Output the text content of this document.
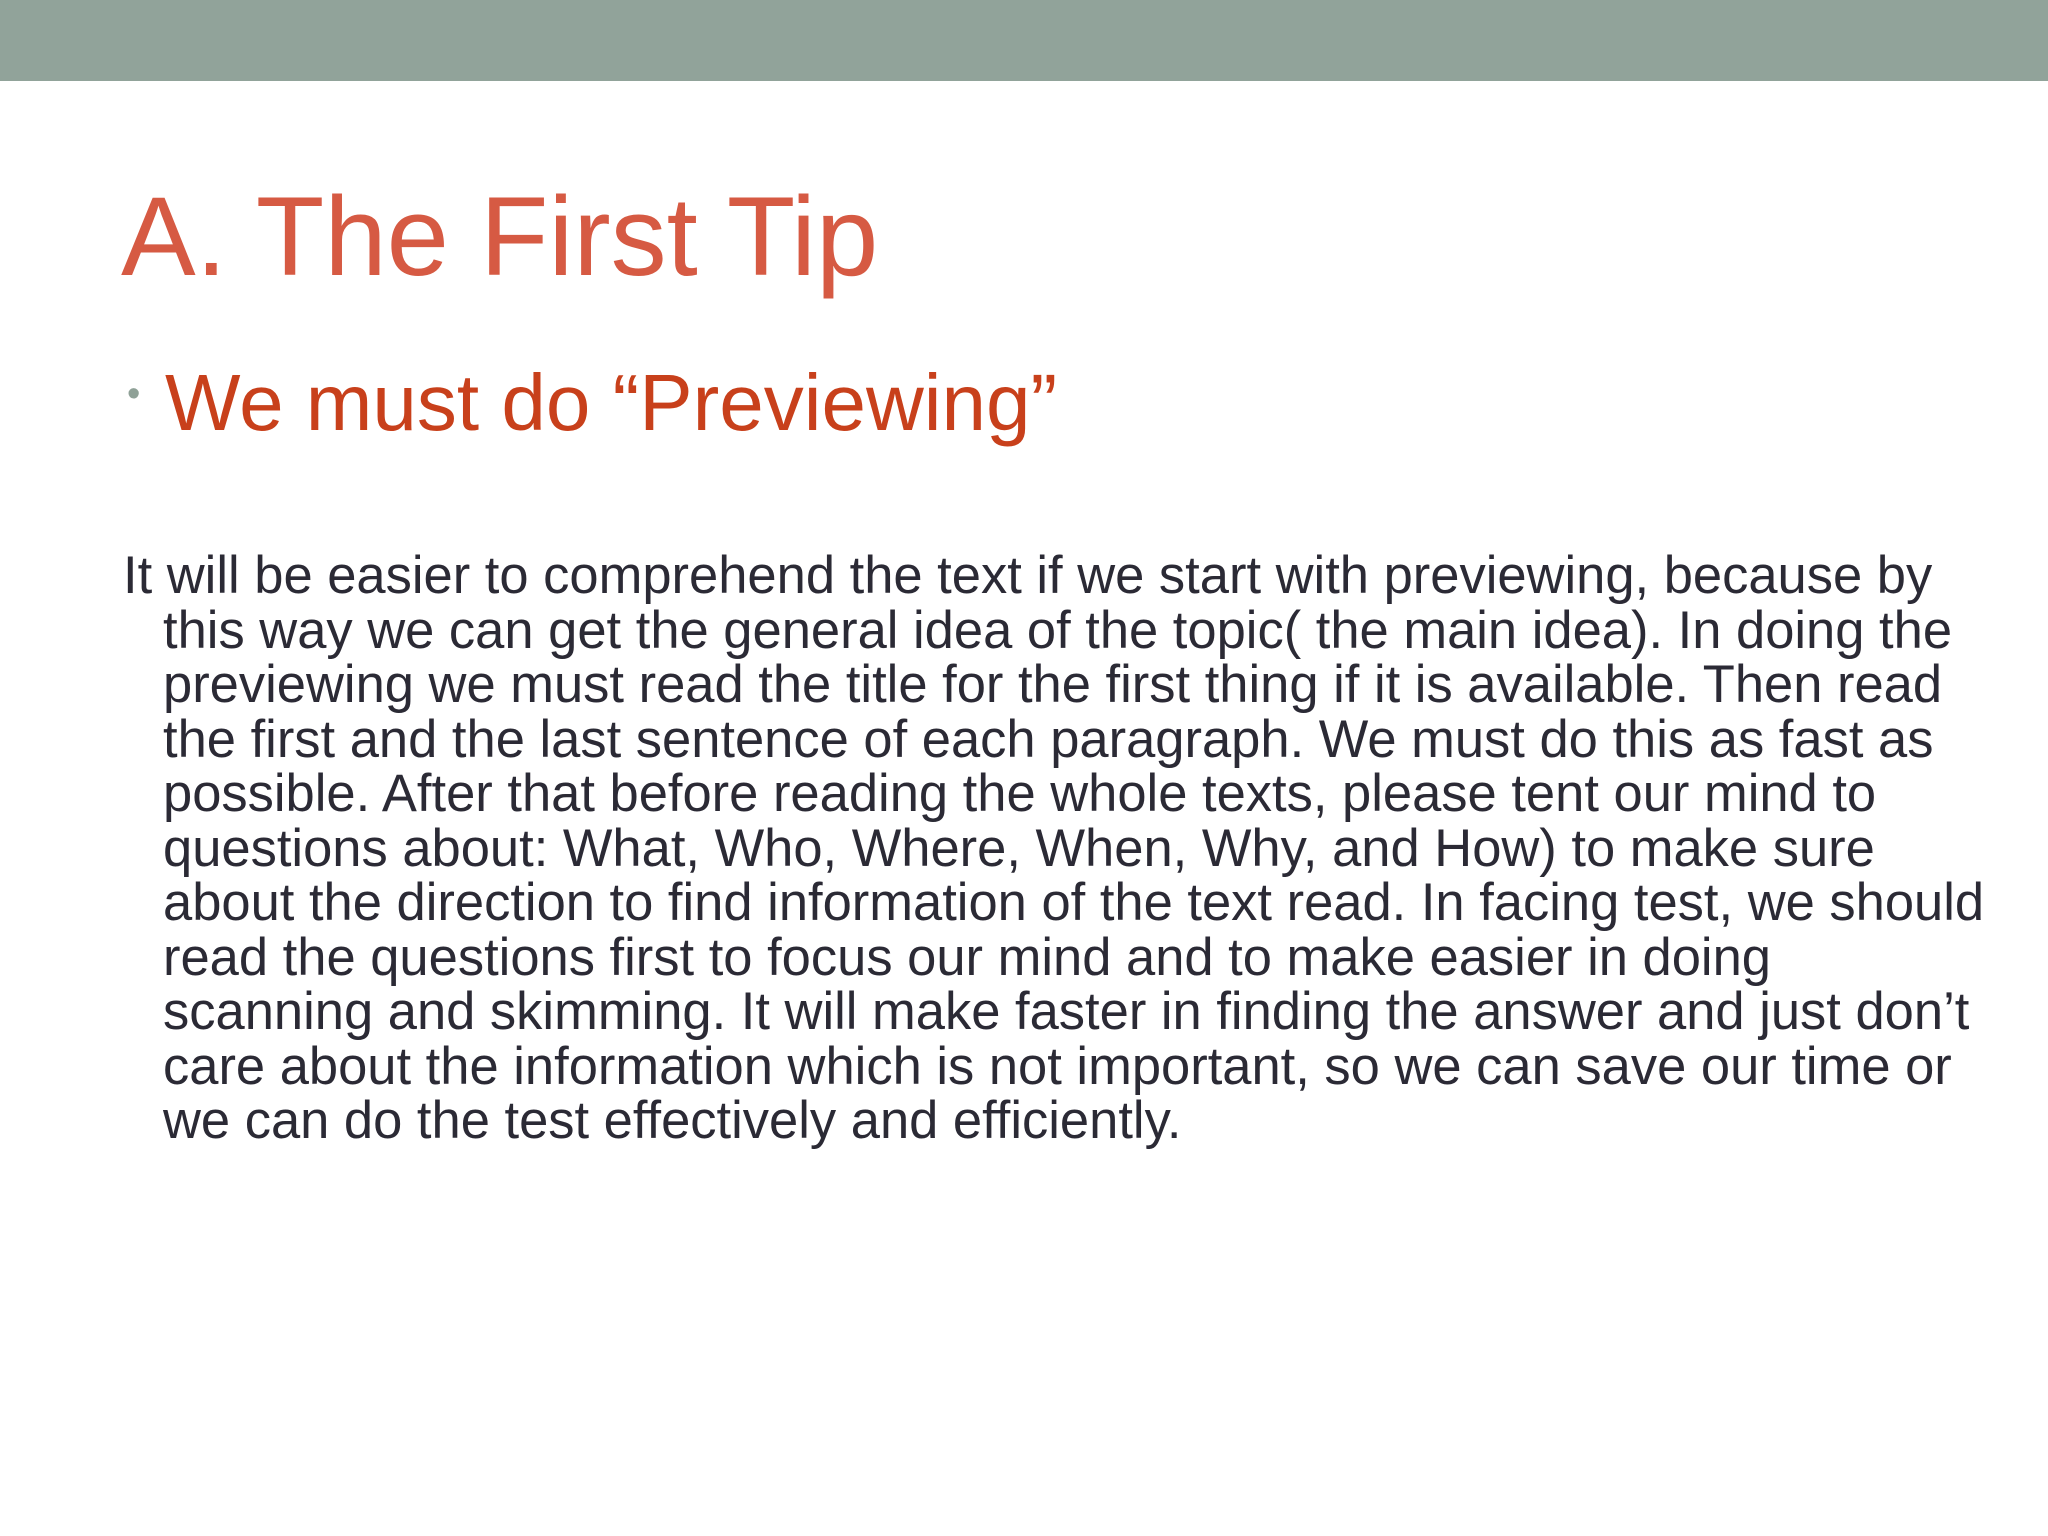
A. The First Tip
• We must do “Previewing”

It will be easier to comprehend the text if we start with previewing, because by this way we can get the general idea of the topic( the main idea). In doing the previewing we must read the title for the first thing if it is available. Then read the first and the last sentence of each paragraph. We must do this as fast as possible. After that before reading the whole texts, please tent our mind to questions about: What, Who, Where, When, Why, and How) to make sure about the direction to find information of the text read. In facing test, we should read the questions first to focus our mind and to make easier in doing scanning and skimming. It will make faster in finding the answer and just don’t care about the information which is not important, so we can save our time or we can do the test effectively and efficiently.
